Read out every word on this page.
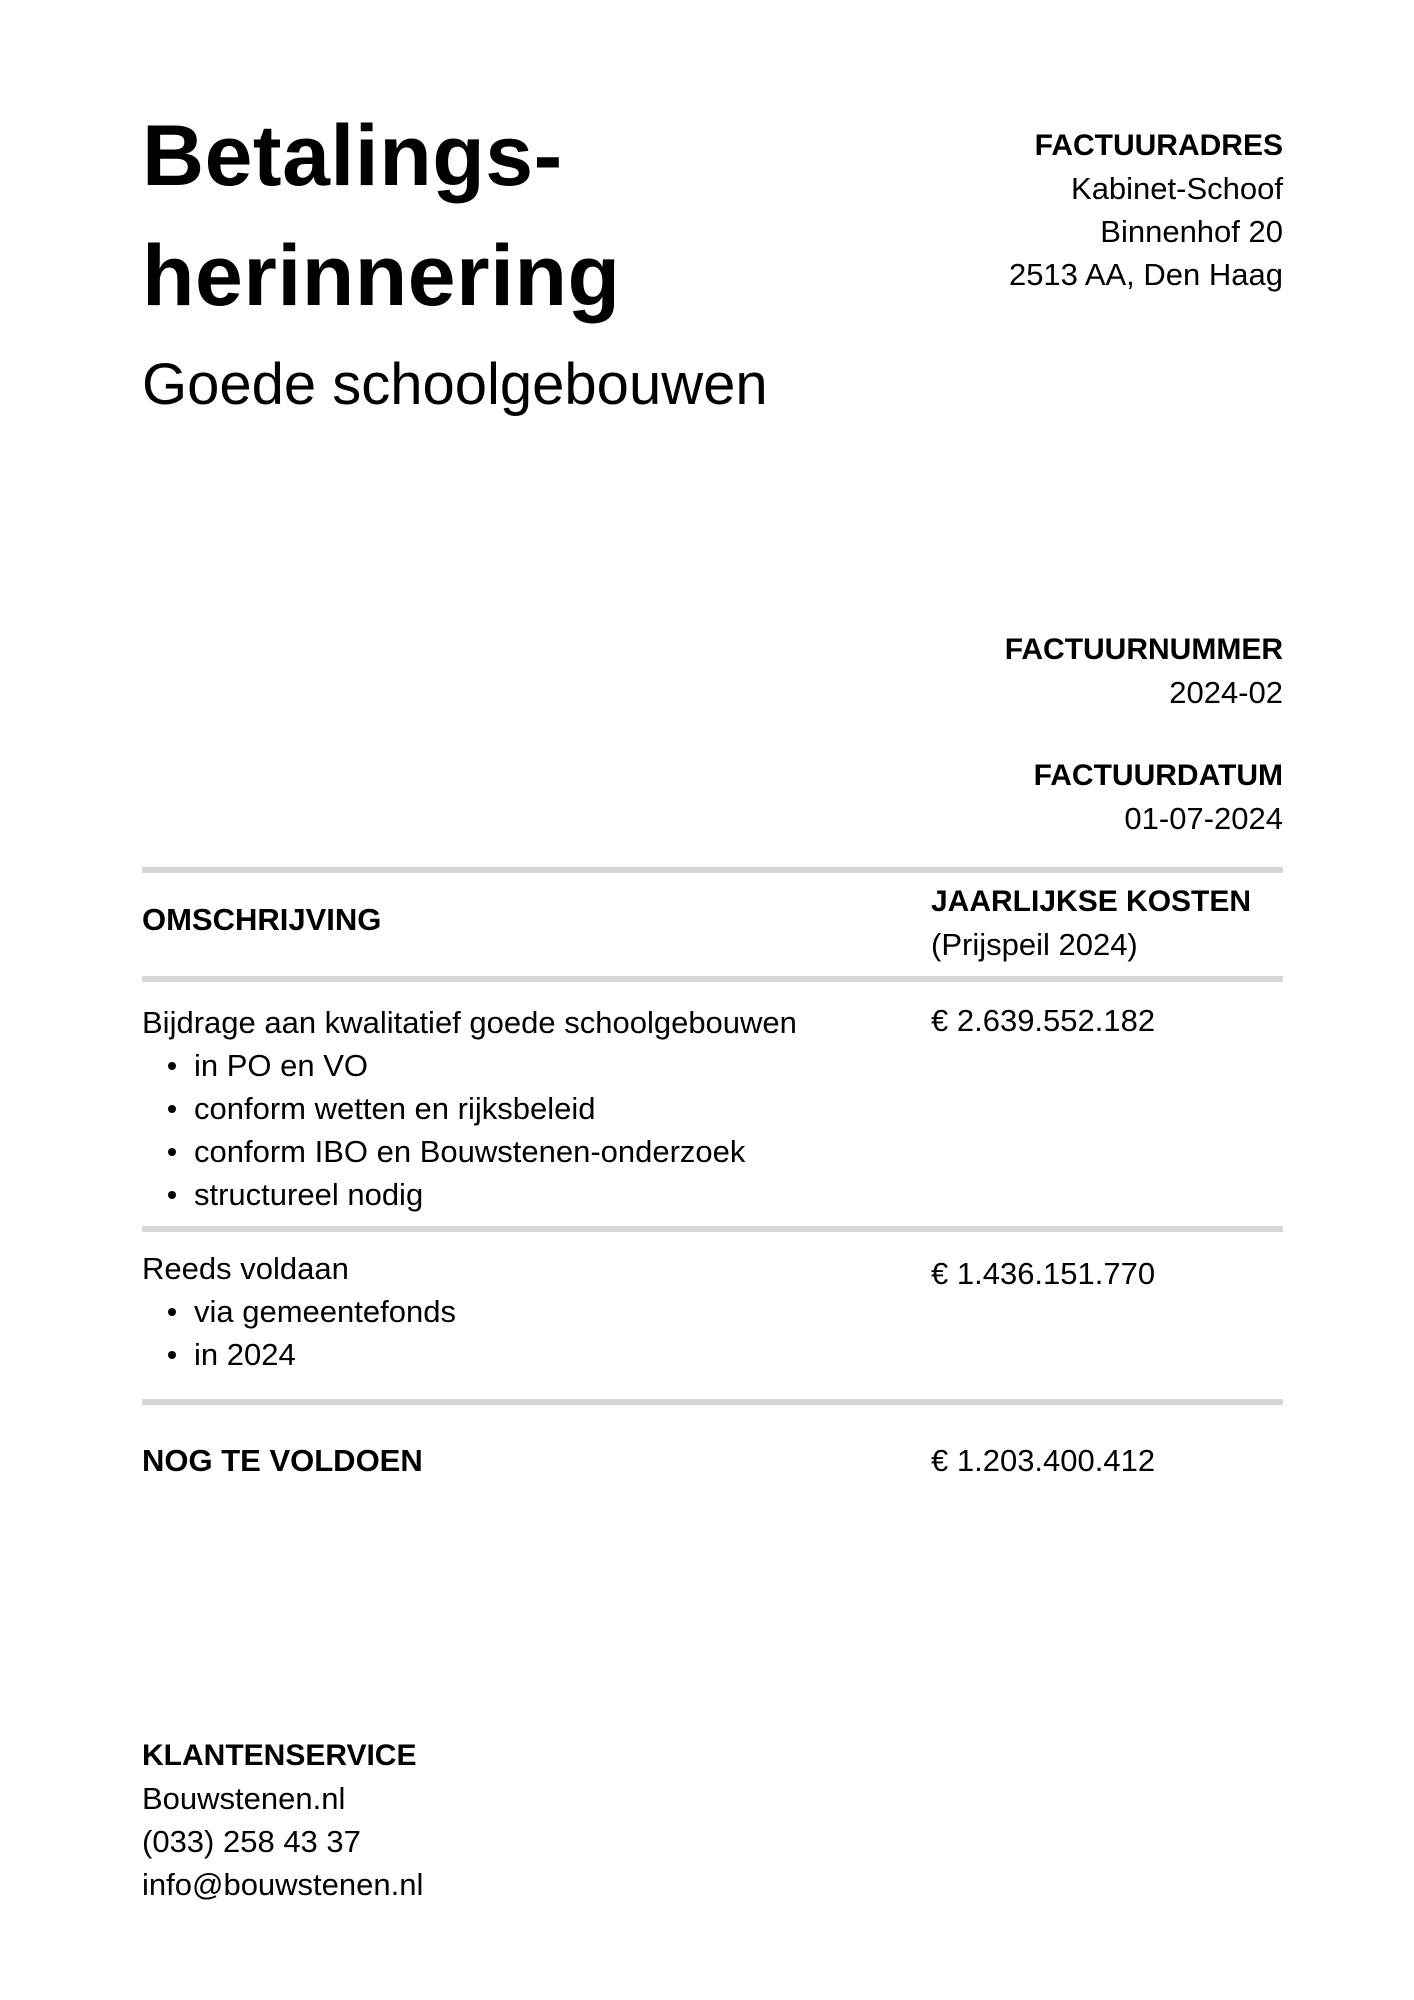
Betalings-
herinnering
Goede schoolgebouwen
FACTUURADRES
Kabinet-Schoof
Binnenhof 20
2513 AA, Den Haag
FACTUURNUMMER
2024-02
FACTUURDATUM
01-07-2024
OMSCHRIJVING
JAARLIJKSE KOSTEN
(Prijspeil 2024)
Bijdrage aan kwalitatief goede schoolgebouwen
in PO en VO
conform wetten en rijksbeleid
conform IBO en Bouwstenen-onderzoek
structureel nodig
€ 2.639.552.182
Reeds voldaan
via gemeentefonds
in 2024
€ 1.436.151.770
NOG TE VOLDOEN	€ 1.203.400.412
KLANTENSERVICE
Bouwstenen.nl
(033) 258 43 37
info@bouwstenen.nl
